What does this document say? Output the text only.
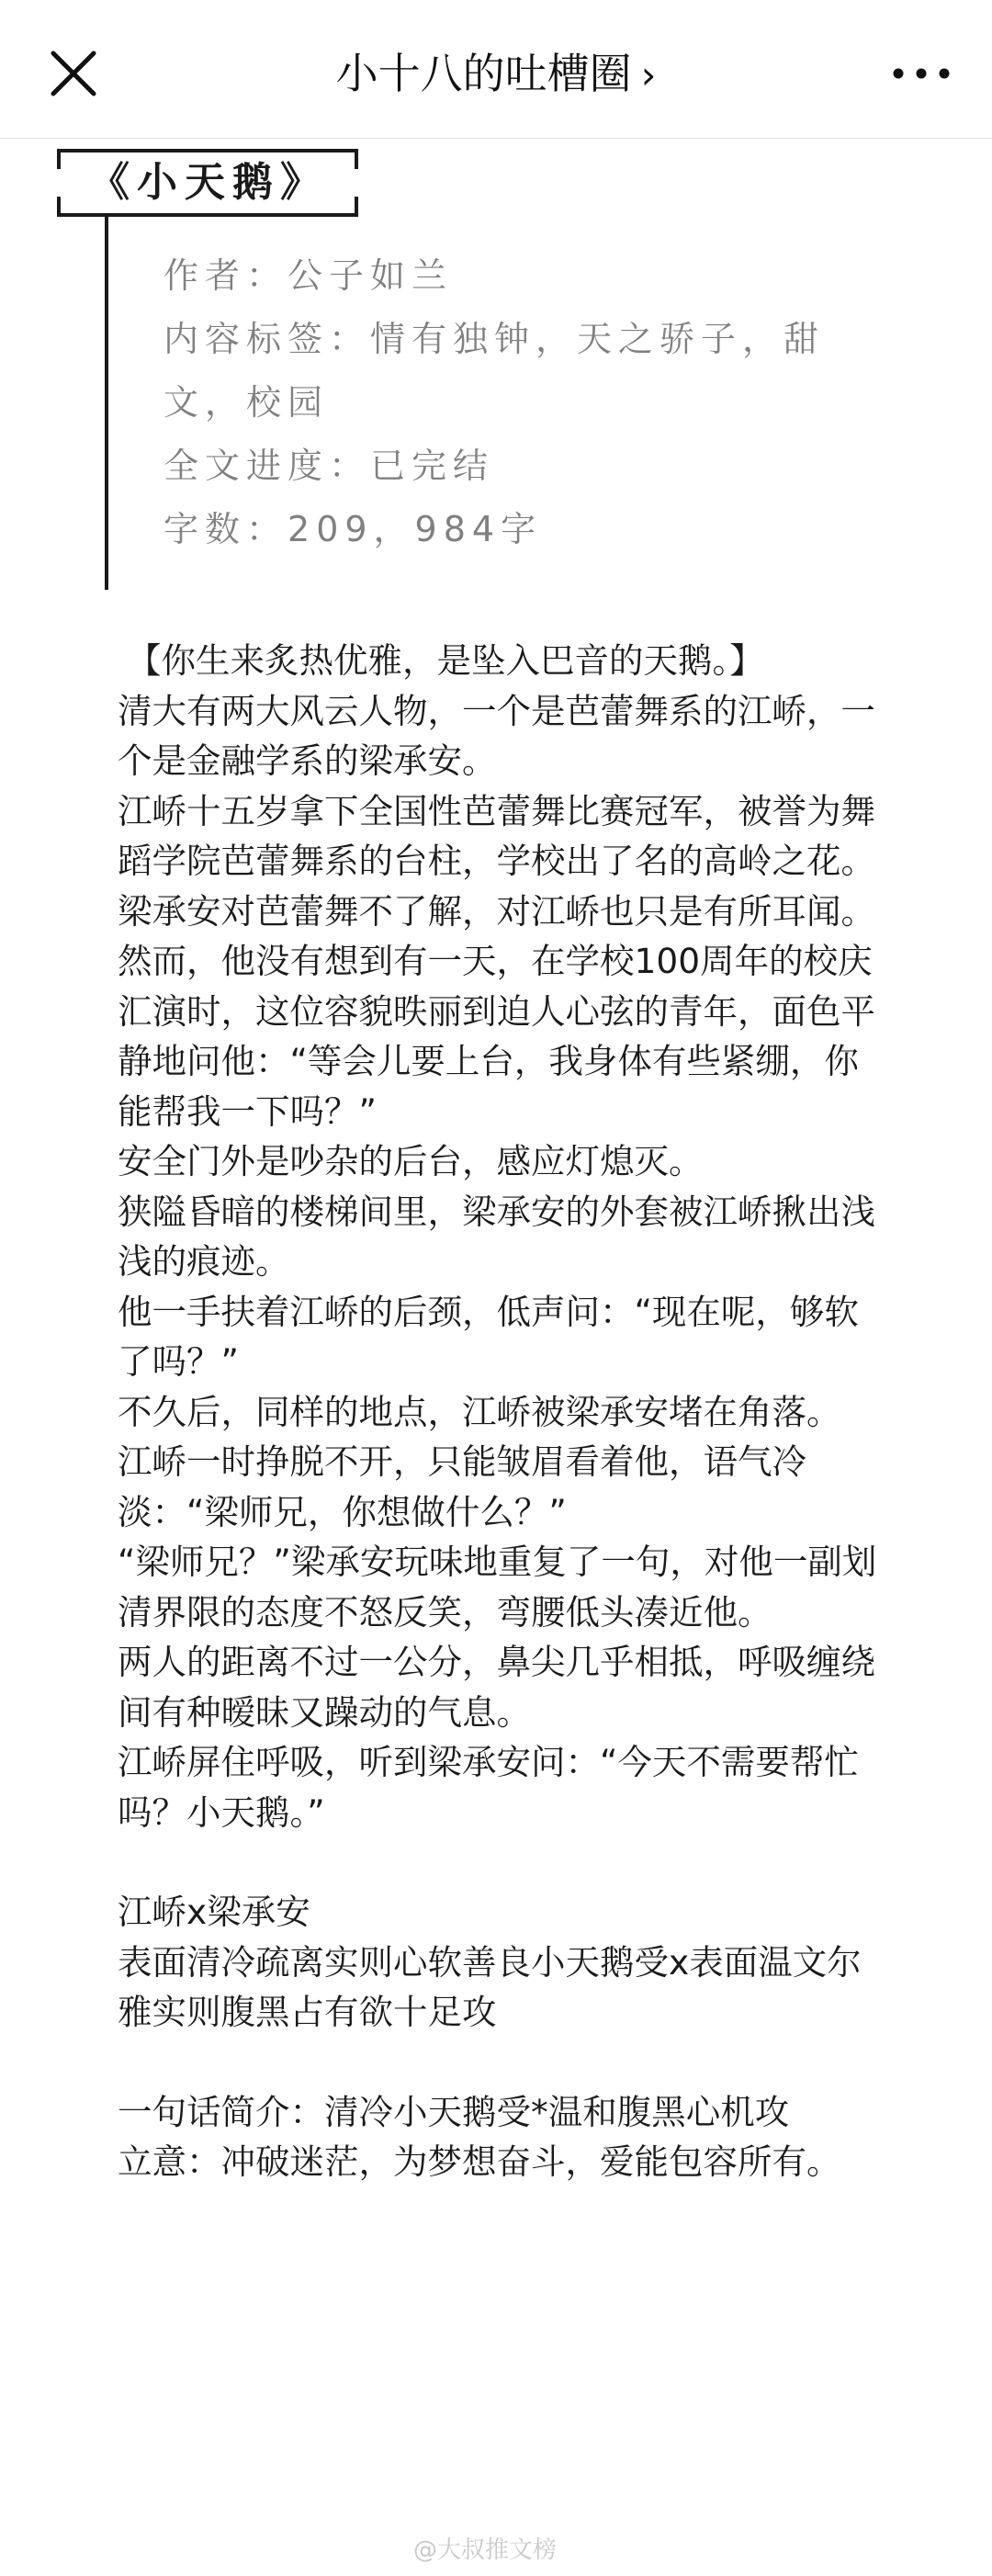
小十八的吐槽圈 ›
《小天鹅》
作者：公子如兰
内容标签：情有独钟，天之骄子，甜
文，校园
全文进度：已完结
字数：209，984字

【你生来炙热优雅，是坠入巴音的天鹅。】

清大有两大风云人物，一个是芭蕾舞系的江峤，一个是金融学系的梁承安。

江峤十五岁拿下全国性芭蕾舞比赛冠军，被誉为舞蹈学院芭蕾舞系的台柱，学校出了名的高岭之花。

梁承安对芭蕾舞不了解，对江峤也只是有所耳闻。

然而，他没有想到有一天，在学校100周年的校庆汇演时，这位容貌昳丽到迫人心弦的青年，面色平静地问他：“等会儿要上台，我身体有些紧绷，你能帮我一下吗？”

安全门外是吵杂的后台，感应灯熄灭。

狭隘昏暗的楼梯间里，梁承安的外套被江峤揪出浅浅的痕迹。

他一手扶着江峤的后颈，低声问：“现在呢，够软了吗？”

不久后，同样的地点，江峤被梁承安堵在角落。

江峤一时挣脱不开，只能皱眉看着他，语气冷淡：“梁师兄，你想做什么？”

“梁师兄？”梁承安玩味地重复了一句，对他一副划清界限的态度不怒反笑，弯腰低头凑近他。

两人的距离不过一公分，鼻尖几乎相抵，呼吸缠绕间有种暧昧又躁动的气息。

江峤屏住呼吸，听到梁承安问：“今天不需要帮忙吗？小天鹅。”

江峤x梁承安

表面清冷疏离实则心软善良小天鹅受x表面温文尔雅实则腹黑占有欲十足攻

一句话简介：清冷小天鹅受*温和腹黑心机攻

立意：冲破迷茫，为梦想奋斗，爱能包容所有。

@大叔推文榜
